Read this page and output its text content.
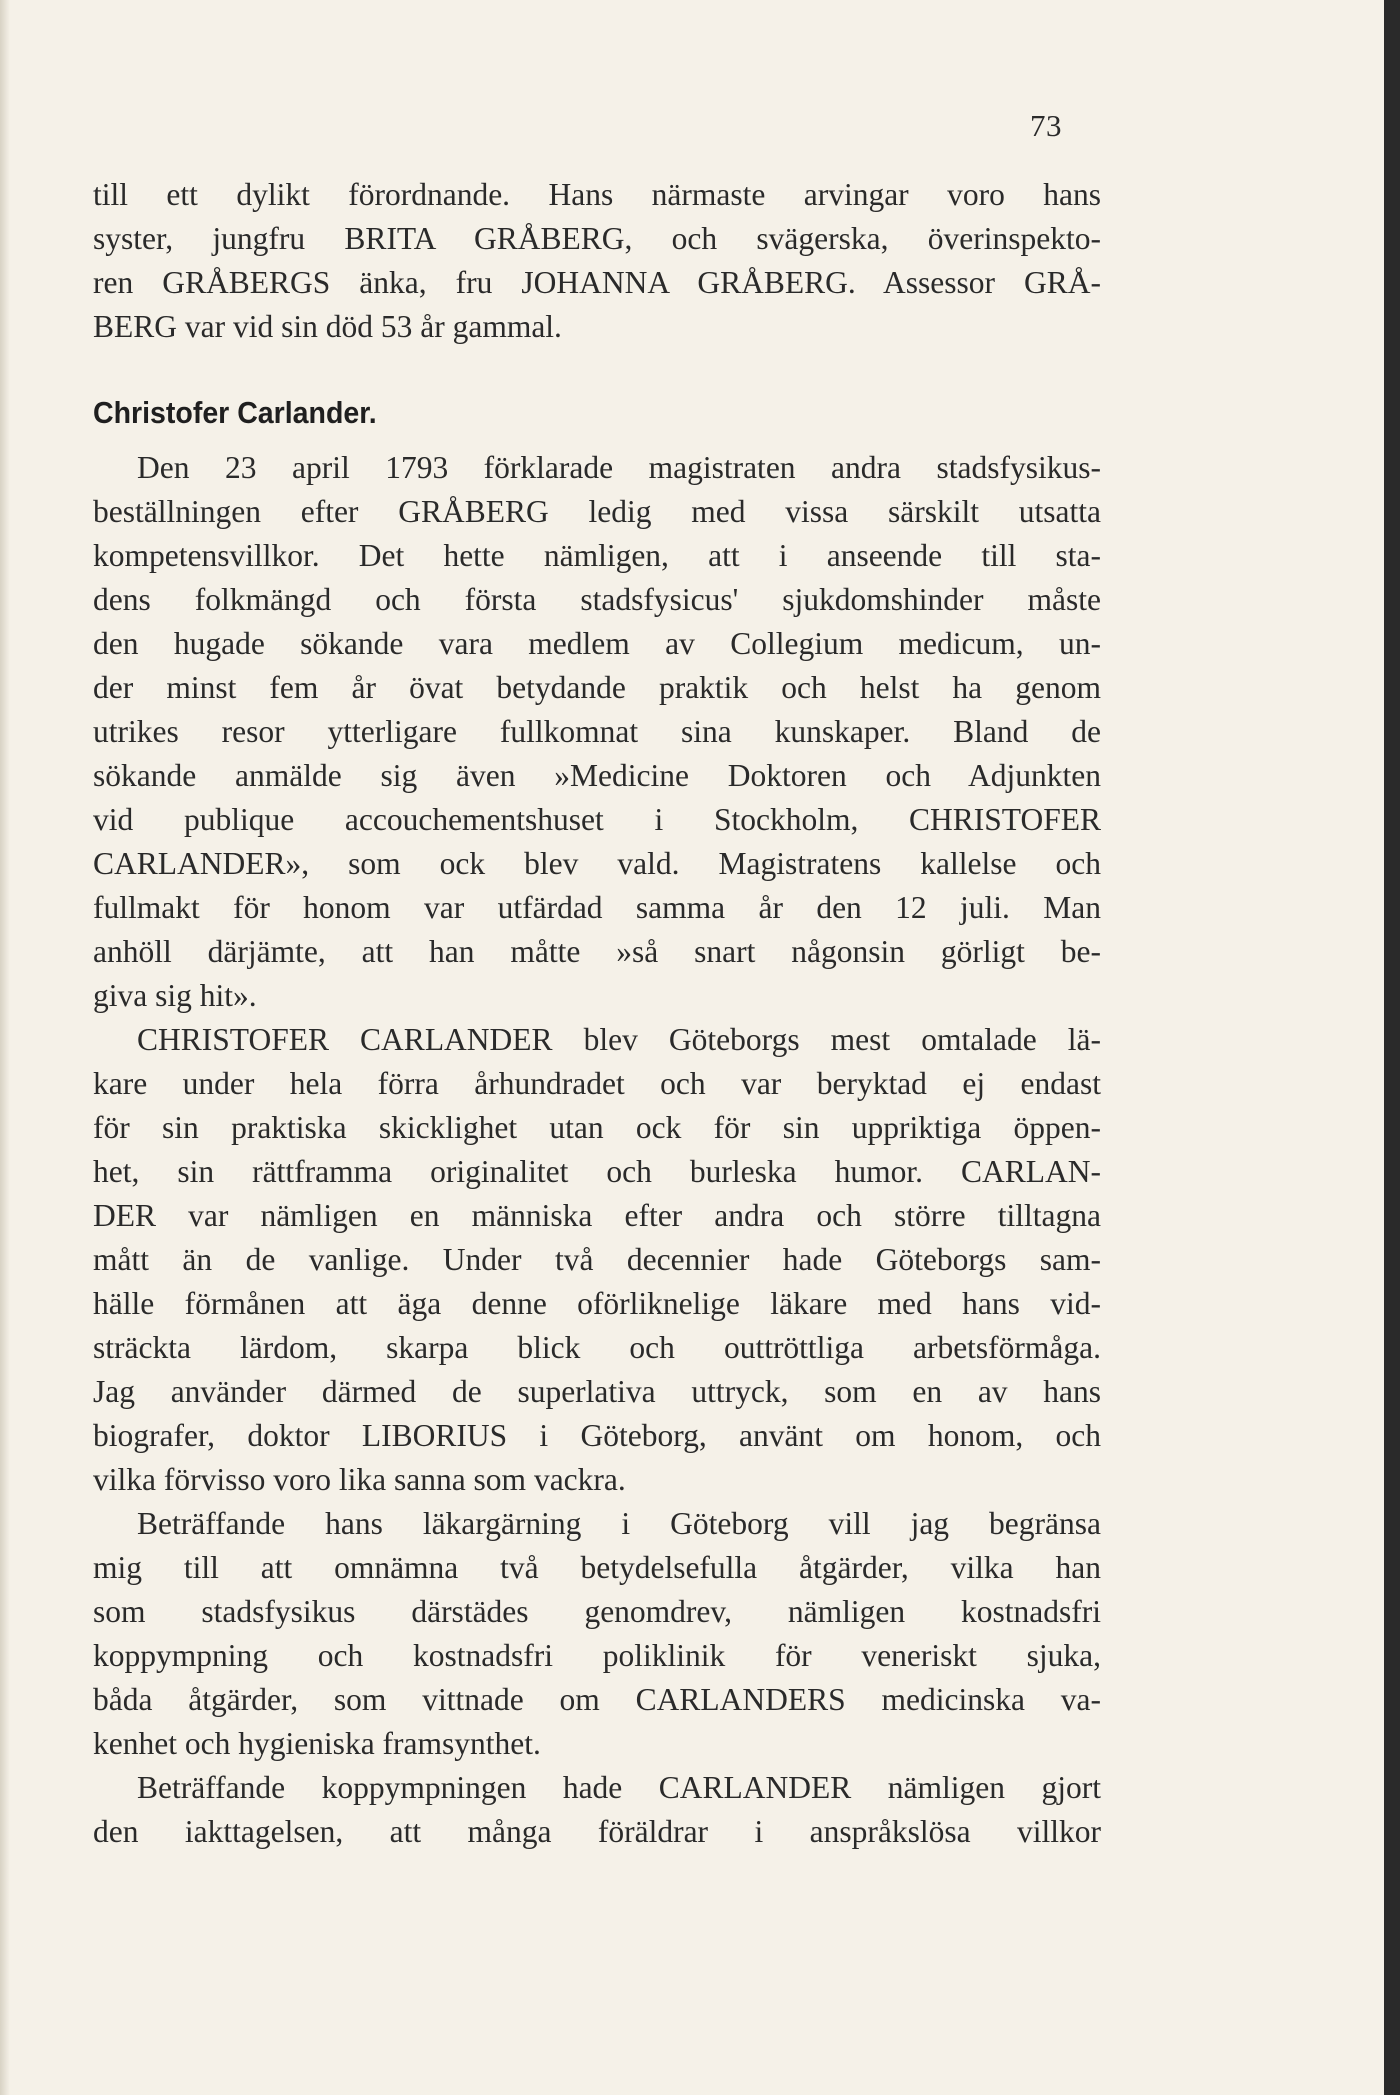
73
till ett dylikt förordnande. Hans närmaste arvingar voro hans
syster, jungfru BRITA GRÅBERG, och svägerska, överinspekto-
ren GRÅBERGS änka, fru JOHANNA GRÅBERG. Assessor GRÅ-
BERG var vid sin död 53 år gammal.
Christofer Carlander.
Den 23 april 1793 förklarade magistraten andra stadsfysikus-
beställningen efter GRÅBERG ledig med vissa särskilt utsatta
kompetensvillkor. Det hette nämligen, att i anseende till sta-
dens folkmängd och första stadsfysicus' sjukdomshinder måste
den hugade sökande vara medlem av Collegium medicum, un-
der minst fem år övat betydande praktik och helst ha genom
utrikes resor ytterligare fullkomnat sina kunskaper. Bland de
sökande anmälde sig även »Medicine Doktoren och Adjunkten
vid publique accouchementshuset i Stockholm, CHRISTOFER
CARLANDER», som ock blev vald. Magistratens kallelse och
fullmakt för honom var utfärdad samma år den 12 juli. Man
anhöll därjämte, att han måtte »så snart någonsin görligt be-
giva sig hit».
CHRISTOFER CARLANDER blev Göteborgs mest omtalade lä-
kare under hela förra århundradet och var beryktad ej endast
för sin praktiska skicklighet utan ock för sin uppriktiga öppen-
het, sin rättframma originalitet och burleska humor. CARLAN-
DER var nämligen en människa efter andra och större tilltagna
mått än de vanlige. Under två decennier hade Göteborgs sam-
hälle förmånen att äga denne oförliknelige läkare med hans vid-
sträckta lärdom, skarpa blick och outtröttliga arbetsförmåga.
Jag använder därmed de superlativa uttryck, som en av hans
biografer, doktor LIBORIUS i Göteborg, använt om honom, och
vilka förvisso voro lika sanna som vackra.
Beträffande hans läkargärning i Göteborg vill jag begränsa
mig till att omnämna två betydelsefulla åtgärder, vilka han
som stadsfysikus därstädes genomdrev, nämligen kostnadsfri
koppympning och kostnadsfri poliklinik för veneriskt sjuka,
båda åtgärder, som vittnade om CARLANDERS medicinska va-
kenhet och hygieniska framsynthet.
Beträffande koppympningen hade CARLANDER nämligen gjort
den iakttagelsen, att många föräldrar i anspråkslösa villkor
